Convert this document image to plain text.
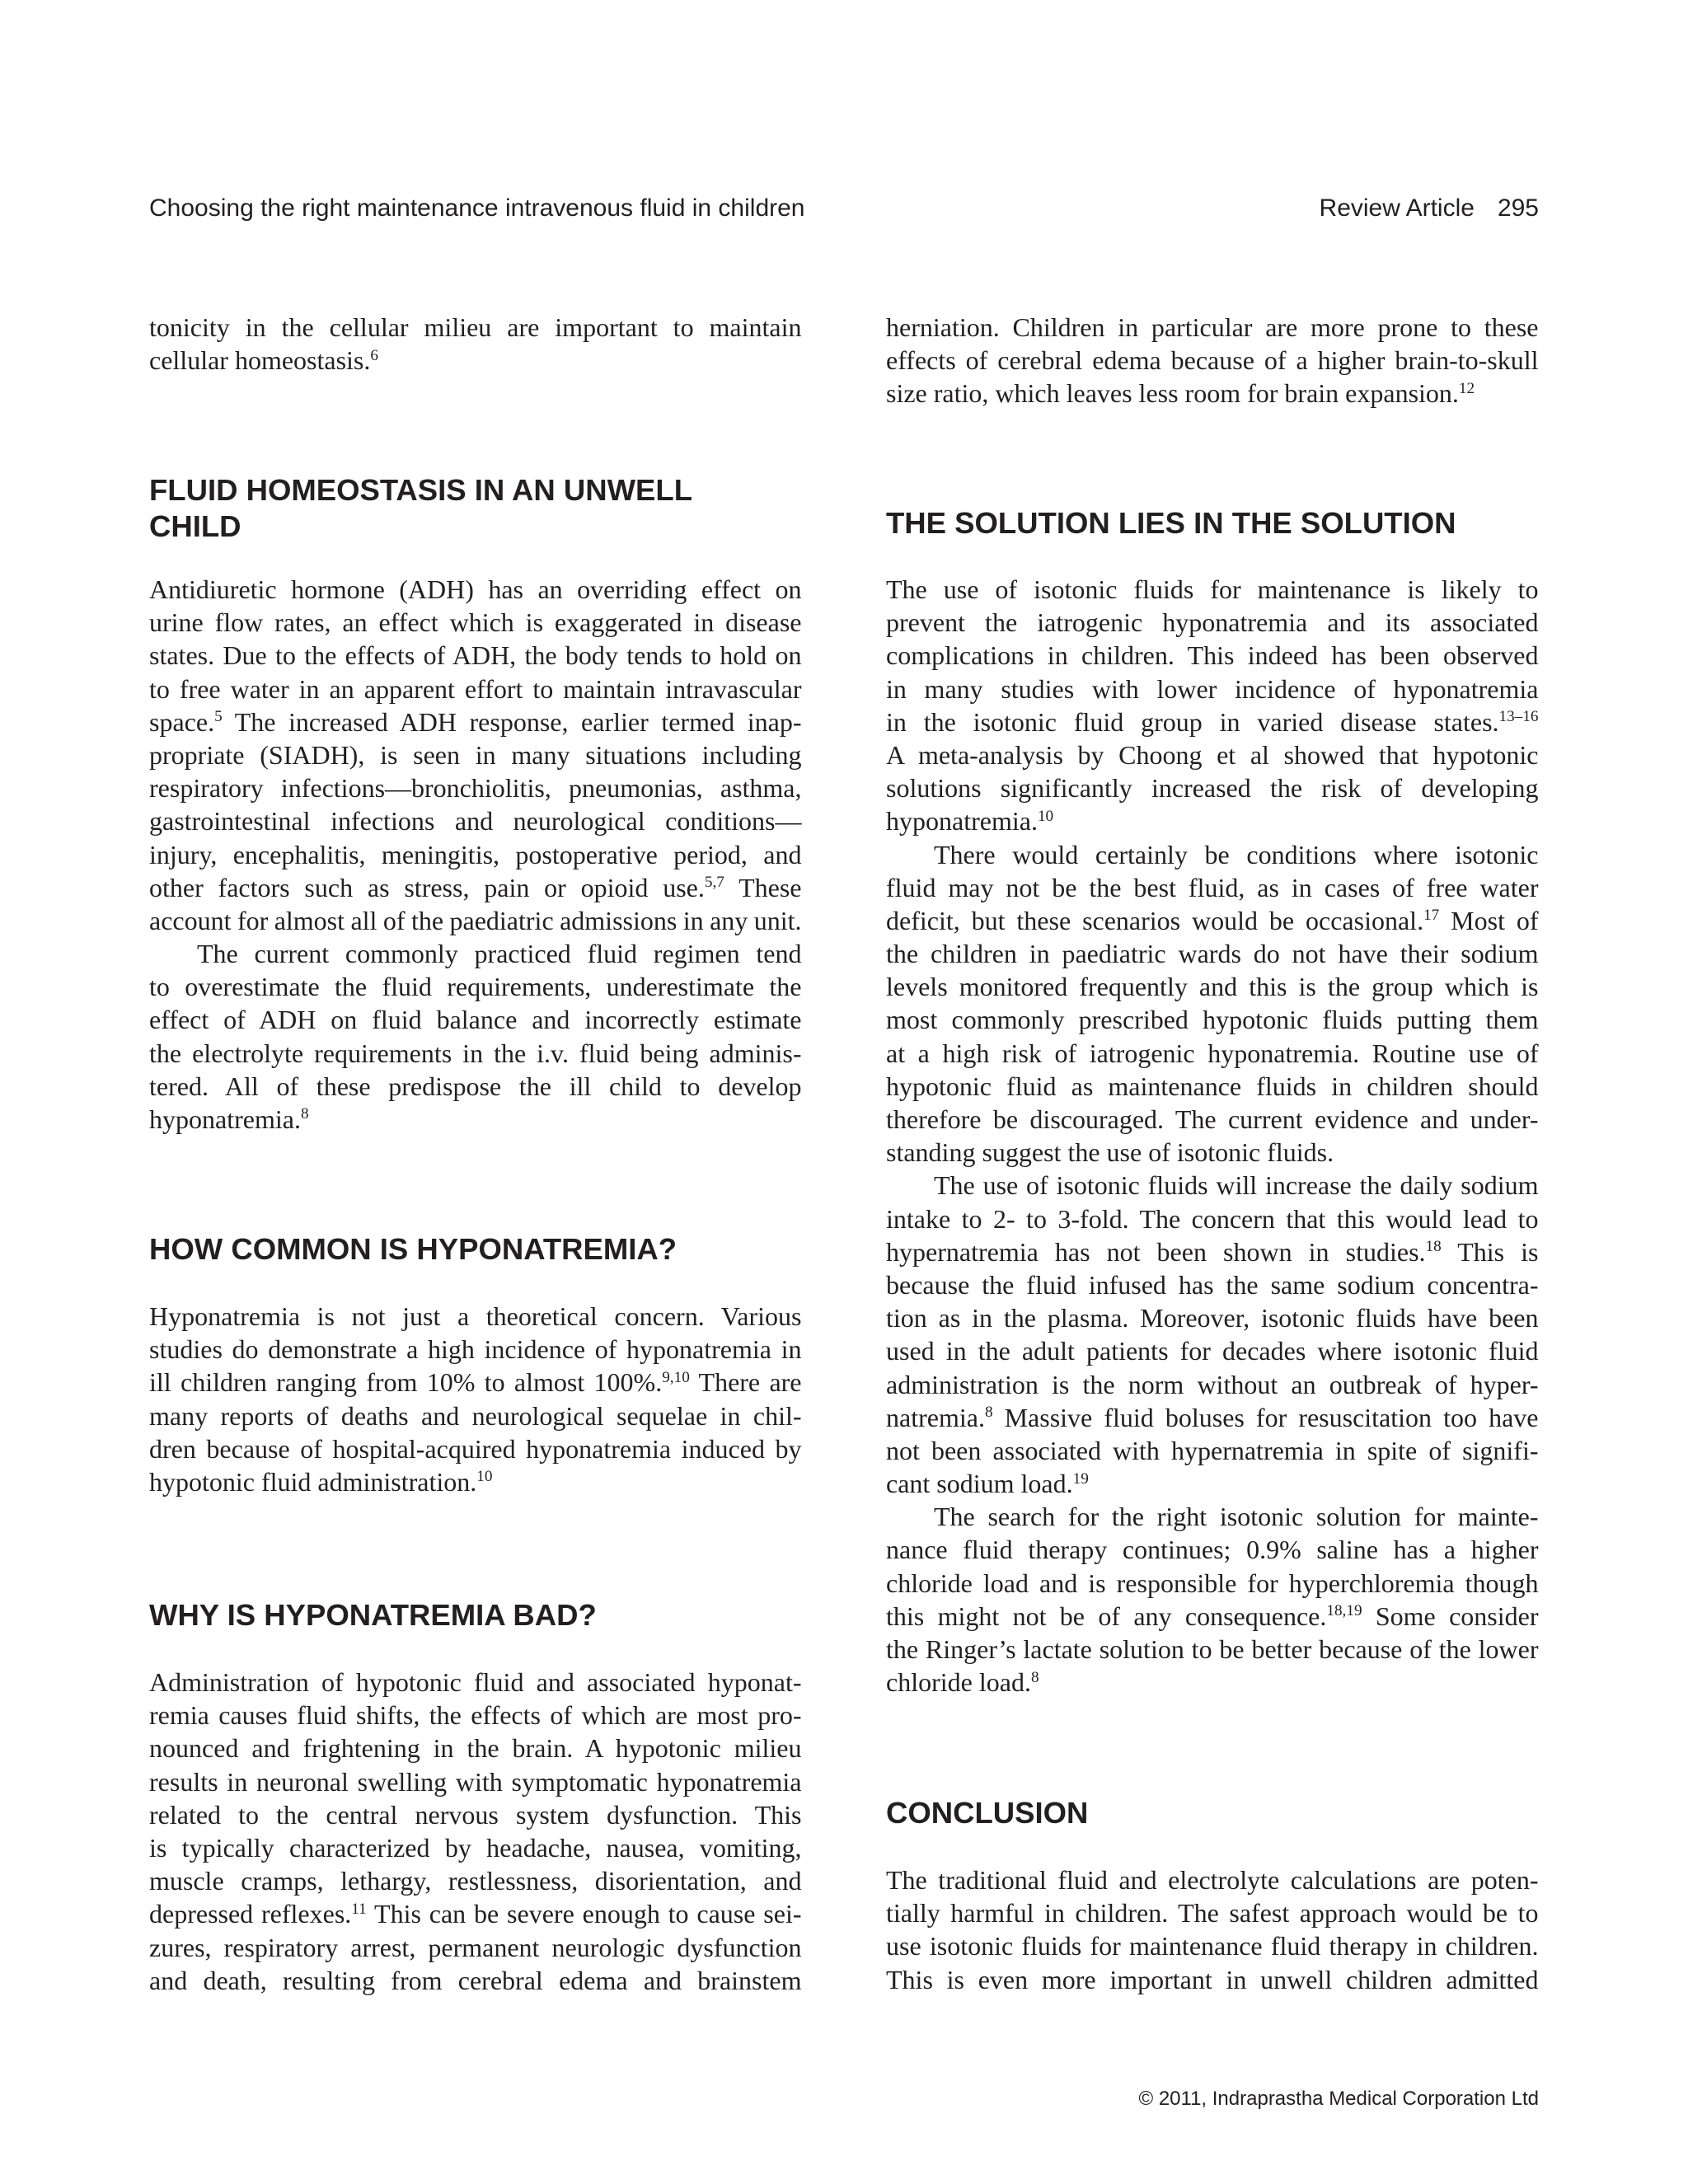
Choosing the right maintenance intravenous fluid in children	Review Article 295
tonicity in the cellular milieu are important to maintain
cellular homeostasis.$^6$
FLUID HOMEOSTASIS IN AN UNWELL
CHILD
Antidiuretic hormone (ADH) has an overriding effect on
urine flow rates, an effect which is exaggerated in disease
states. Due to the effects of ADH, the body tends to hold on
to free water in an apparent effort to maintain intravascular
space.$^5$ The increased ADH response, earlier termed inap-
propriate (SIADH), is seen in many situations including
respiratory infections—bronchiolitis, pneumonias, asthma,
gastrointestinal infections and neurological conditions—
injury, encephalitis, meningitis, postoperative period, and
other factors such as stress, pain or opioid use.$^{5,7}$ These
account for almost all of the paediatric admissions in any unit.
The current commonly practiced fluid regimen tend
to overestimate the fluid requirements, underestimate the
effect of ADH on fluid balance and incorrectly estimate
the electrolyte requirements in the i.v. fluid being adminis-
tered. All of these predispose the ill child to develop
hyponatremia.$^8$
HOW COMMON IS HYPONATREMIA?
Hyponatremia is not just a theoretical concern. Various
studies do demonstrate a high incidence of hyponatremia in
ill children ranging from 10% to almost 100%.$^{9,10}$ There are
many reports of deaths and neurological sequelae in chil-
dren because of hospital-acquired hyponatremia induced by
hypotonic fluid administration.$^{10}$
WHY IS HYPONATREMIA BAD?
Administration of hypotonic fluid and associated hyponat-
remia causes fluid shifts, the effects of which are most pro-
nounced and frightening in the brain. A hypotonic milieu
results in neuronal swelling with symptomatic hyponatremia
related to the central nervous system dysfunction. This
is typically characterized by headache, nausea, vomiting,
muscle cramps, lethargy, restlessness, disorientation, and
depressed reflexes.$^{11}$ This can be severe enough to cause sei-
zures, respiratory arrest, permanent neurologic dysfunction
and death, resulting from cerebral edema and brainstem
herniation. Children in particular are more prone to these
effects of cerebral edema because of a higher brain-to-skull
size ratio, which leaves less room for brain expansion.$^{12}$
THE SOLUTION LIES IN THE SOLUTION
The use of isotonic fluids for maintenance is likely to
prevent the iatrogenic hyponatremia and its associated
complications in children. This indeed has been observed
in many studies with lower incidence of hyponatremia
in the isotonic fluid group in varied disease states.$^{13-16}$
A meta-analysis by Choong et al showed that hypotonic
solutions significantly increased the risk of developing
hyponatremia.$^{10}$
There would certainly be conditions where isotonic
fluid may not be the best fluid, as in cases of free water
deficit, but these scenarios would be occasional.$^{17}$ Most of
the children in paediatric wards do not have their sodium
levels monitored frequently and this is the group which is
most commonly prescribed hypotonic fluids putting them
at a high risk of iatrogenic hyponatremia. Routine use of
hypotonic fluid as maintenance fluids in children should
therefore be discouraged. The current evidence and under-
standing suggest the use of isotonic fluids.
The use of isotonic fluids will increase the daily sodium
intake to 2- to 3-fold. The concern that this would lead to
hypernatremia has not been shown in studies.$^{18}$ This is
because the fluid infused has the same sodium concentra-
tion as in the plasma. Moreover, isotonic fluids have been
used in the adult patients for decades where isotonic fluid
administration is the norm without an outbreak of hyper-
natremia.$^8$ Massive fluid boluses for resuscitation too have
not been associated with hypernatremia in spite of signifi-
cant sodium load.$^{19}$
The search for the right isotonic solution for mainte-
nance fluid therapy continues; 0.9% saline has a higher
chloride load and is responsible for hyperchloremia though
this might not be of any consequence.$^{18,19}$ Some consider
the Ringer’s lactate solution to be better because of the lower
chloride load.$^8$
CONCLUSION
The traditional fluid and electrolyte calculations are poten-
tially harmful in children. The safest approach would be to
use isotonic fluids for maintenance fluid therapy in children.
This is even more important in unwell children admitted
© 2011, Indraprastha Medical Corporation Ltd
